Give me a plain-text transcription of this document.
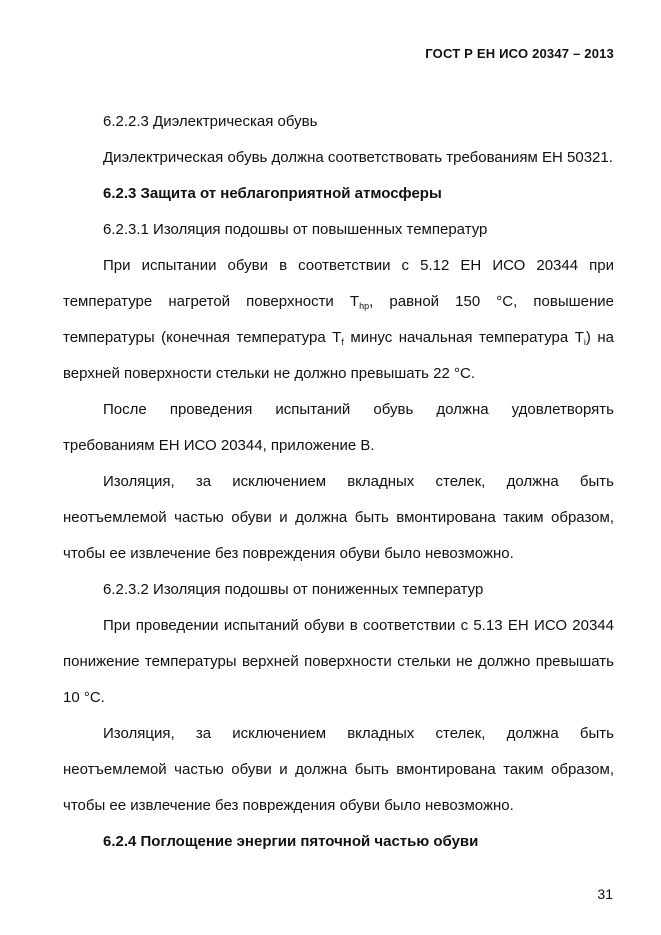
ГОСТ Р ЕН ИСО 20347 – 2013

6.2.2.3 Диэлектрическая обувь

Диэлектрическая обувь должна соответствовать требованиям ЕН 50321.

6.2.3 Защита от неблагоприятной атмосферы

6.2.3.1 Изоляция подошвы от повышенных температур

При испытании обуви в соответствии с 5.12 ЕН ИСО 20344 при температуре нагретой поверхности $T_{hp}$, равной 150 °С, повышение температуры (конечная температура $T_f$ минус начальная температура $T_i$) на верхней поверхности стельки не должно превышать 22 °С.

После проведения испытаний обувь должна удовлетворять требованиям ЕН ИСО 20344, приложение В.

Изоляция, за исключением вкладных стелек, должна быть неотъемлемой частью обуви и должна быть вмонтирована таким образом, чтобы ее извлечение без повреждения обуви было невозможно.

6.2.3.2 Изоляция подошвы от пониженных температур

При проведении испытаний обуви в соответствии с 5.13 ЕН ИСО 20344 понижение температуры верхней поверхности стельки не должно превышать 10 °С.

Изоляция, за исключением вкладных стелек, должна быть неотъемлемой частью обуви и должна быть вмонтирована таким образом, чтобы ее извлечение без повреждения обуви было невозможно.

6.2.4 Поглощение энергии пяточной частью обуви

31
